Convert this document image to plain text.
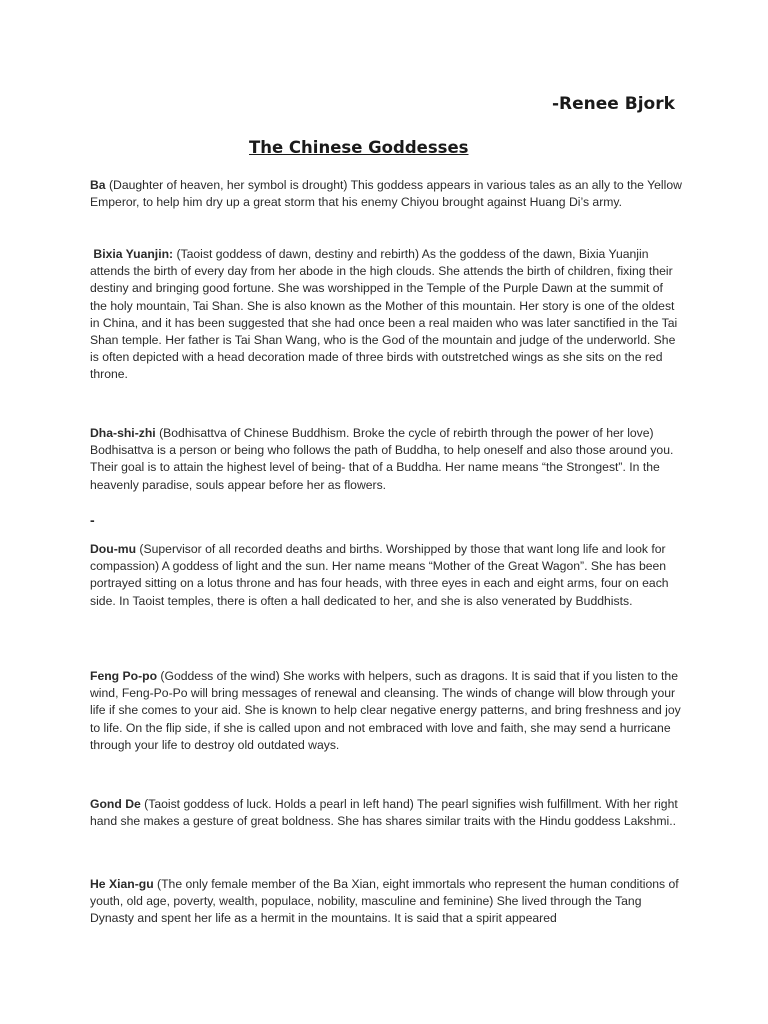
-Renee Bjork
The Chinese Goddesses

Ba (Daughter of heaven, her symbol is drought) This goddess appears in various tales as an ally to the Yellow Emperor, to help him dry up a great storm that his enemy Chiyou brought against Huang Di’s army.

Bixia Yuanjin: (Taoist goddess of dawn, destiny and rebirth) As the goddess of the dawn, Bixia Yuanjin attends the birth of every day from her abode in the high clouds. She attends the birth of children, fixing their destiny and bringing good fortune. She was worshipped in the Temple of the Purple Dawn at the summit of the holy mountain, Tai Shan. She is also known as the Mother of this mountain. Her story is one of the oldest in China, and it has been suggested that she had once been a real maiden who was later sanctified in the Tai Shan temple. Her father is Tai Shan Wang, who is the God of the mountain and judge of the underworld. She is often depicted with a head decoration made of three birds with outstretched wings as she sits on the red throne.

Dha-shi-zhi (Bodhisattva of Chinese Buddhism. Broke the cycle of rebirth through the power of her love) Bodhisattva is a person or being who follows the path of Buddha, to help oneself and also those around you. Their goal is to attain the highest level of being- that of a Buddha. Her name means “the Strongest”. In the heavenly paradise, souls appear before her as flowers.

-

Dou-mu (Supervisor of all recorded deaths and births. Worshipped by those that want long life and look for compassion) A goddess of light and the sun. Her name means “Mother of the Great Wagon”. She has been portrayed sitting on a lotus throne and has four heads, with three eyes in each and eight arms, four on each side. In Taoist temples, there is often a hall dedicated to her, and she is also venerated by Buddhists.

Feng Po-po (Goddess of the wind) She works with helpers, such as dragons. It is said that if you listen to the wind, Feng-Po-Po will bring messages of renewal and cleansing. The winds of change will blow through your life if she comes to your aid. She is known to help clear negative energy patterns, and bring freshness and joy to life. On the flip side, if she is called upon and not embraced with love and faith, she may send a hurricane through your life to destroy old outdated ways.

Gond De (Taoist goddess of luck. Holds a pearl in left hand) The pearl signifies wish fulfillment. With her right hand she makes a gesture of great boldness. She has shares similar traits with the Hindu goddess Lakshmi..

He Xian-gu (The only female member of the Ba Xian, eight immortals who represent the human conditions of youth, old age, poverty, wealth, populace, nobility, masculine and feminine) She lived through the Tang Dynasty and spent her life as a hermit in the mountains. It is said that a spirit appeared
